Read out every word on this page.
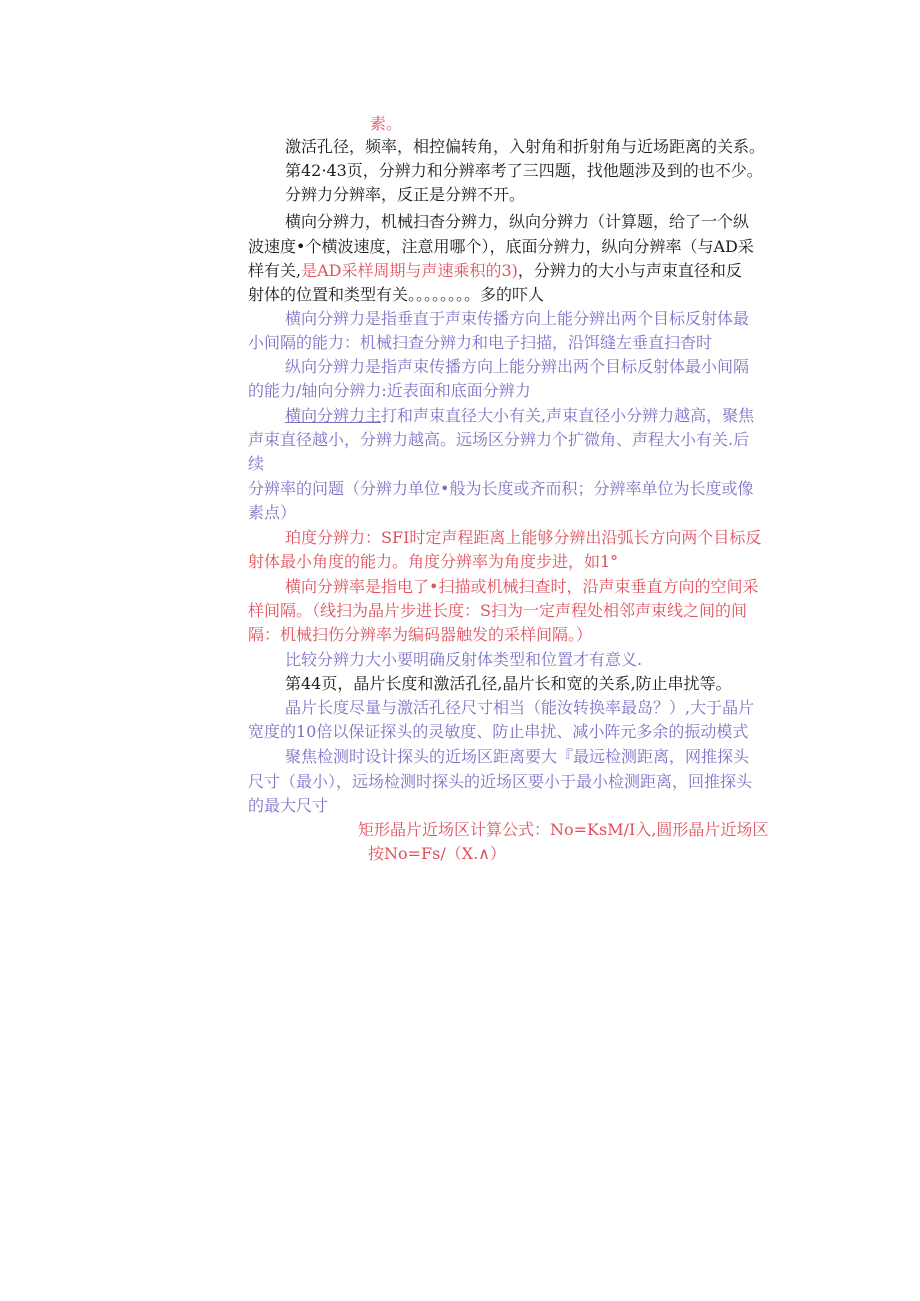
素。
激活孔径，频率，相控偏转角，入射角和折射角与近场距离的关系。
第42·43页，分辨力和分辨率考了三四题，找他题涉及到的也不少。
分辨力分辨率，反正是分辨不开。
横向分辨力，机械扫杳分辨力，纵向分辨力（计算题，给了一个纵
波速度•个横波速度，注意用哪个），底面分辨力，纵向分辨率（与AD采
样有关,是AD采样周期与声速乘积的3)，分辨力的大小与声束直径和反
射体的位置和类型有关。。。。。。。。多的吓人
横向分辨力是指垂直于声束传播方向上能分辨出两个目标反射体最
小间隔的能力：机械扫查分辨力和电子扫描，沿饵缝左垂直扫杳时
纵向分辨力是指声束传播方向上能分辨出两个目标反射体最小间隔
的能力/轴向分辨力:近表面和底面分辨力
横向分辨力主打和声束直径大小有关,声束直径小分辨力越高，聚焦
声束直径越小，分辨力越高。远场区分辨力个扩微角、声程大小有关.后
续
分辨率的问题（分辨力单位•般为长度或齐而积；分辨率单位为长度或像
素点）
珀度分辨力：SFI时定声程距离上能够分辨出沿弧长方向两个目标反
射体最小角度的能力。角度分辨率为角度步进，如1°
横向分辨率是指电了•扫描或机械扫查时，沿声束垂直方向的空间采
样间隔。（线扫为晶片步进长度：S扫为一定声程处相邻声束线之间的间
隔：机械扫伤分辨率为编码器触发的采样间隔。）
比较分辨力大小要明确反射体类型和位置才有意义.
第44页，晶片长度和激活孔径,晶片长和宽的关系,防止串扰等。
晶片长度尽量与激活孔径尺寸相当（能汝转换率最岛？）,大于晶片
宽度的10倍以保证探头的灵敏度、防止串扰、减小阵元多余的振动模式
聚焦检测时设计探头的近场区距离要大『最远检测距离，网推探头
尺寸（最小），远场检测时探头的近场区要小于最小检测距离，回推探头
的最大尺寸
矩形晶片近场区计算公式：No=KsM/I入,圆形晶片近场区
按No=Fs/（X.∧）
